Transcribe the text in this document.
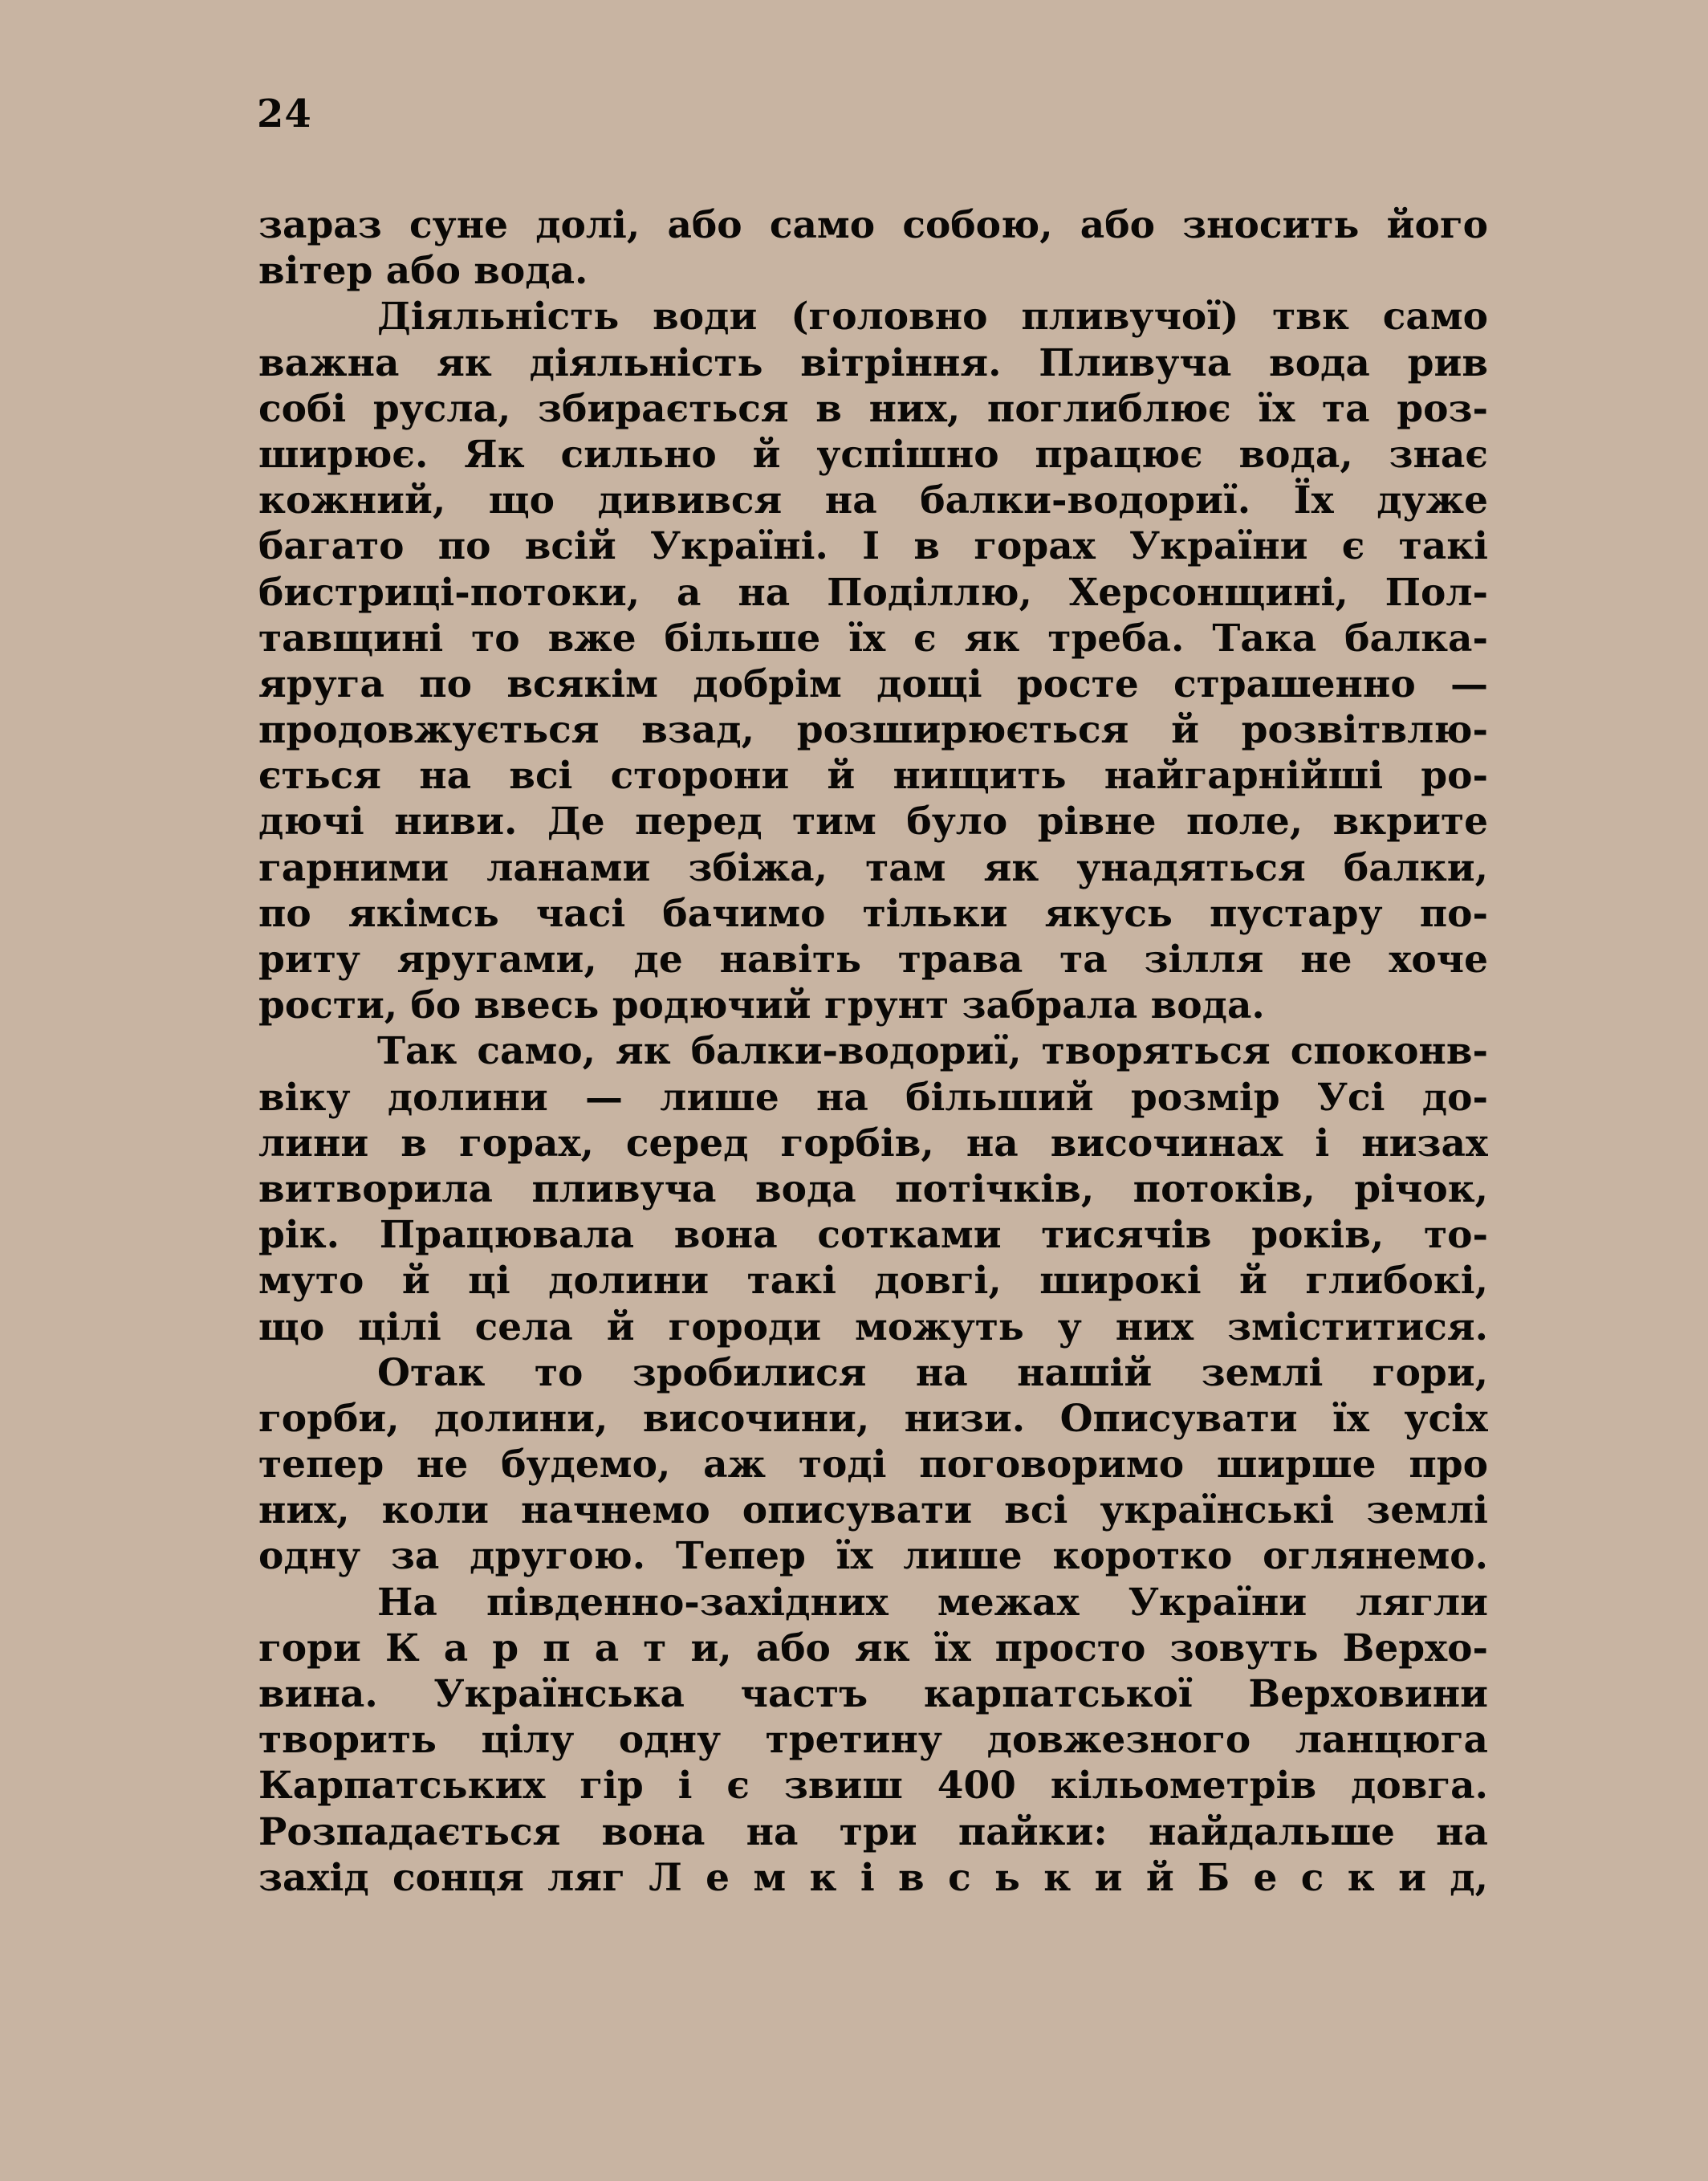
24
зараз суне долі, або само собою, або зносить його
вітер або вода.
Діяльність води (головно пливучої) твк само
важна як діяльність вітріння. Пливуча вода рив
собі русла, збирається в них, поглиблює їх та роз-
ширює. Як сильно й успішно працює вода, знає
кожний, що дивився на балки-водориї. Їх дуже
багато по всій Україні. І в горах України є такі
бистриці-потоки, а на Поділлю, Херсонщині, Пол-
тавщині то вже більше їх є як треба. Така балка-
яруга по всякім добрім дощі росте страшенно —
продовжується взад, розширюється й розвітвлю-
ється на всі сторони й нищить найгарнійші ро-
дючі ниви. Де перед тим було рівне поле, вкрите
гарними ланами збіжа, там як унадяться балки,
по якімсь часі бачимо тільки якусь пустару по-
риту яругами, де навіть трава та зілля не хоче
рости, бо ввесь родючий грунт забрала вода.
Так само, як балки-водориї, творяться споконв-
віку долини — лише на більший розмір Усі до-
лини в горах, серед горбів, на височинах і низах
витворила пливуча вода потічків, потоків, річок,
рік. Працювала вона сотками тисячів років, то-
муто й ці долини такі довгі, широкі й глибокі,
що цілі села й городи можуть у них зміститися.
Отак то зробилися на нашій землі гори,
горби, долини, височини, низи. Описувати їх усіх
тепер не будемо, аж тоді поговоримо ширше про
них, коли начнемо описувати всі українські землі
одну за другою. Тепер їх лише коротко оглянемо.
На південно-західних межах України лягли
гори К а р п а т и, або як їх просто зовуть Верхо-
вина. Українська частъ карпатської Верховини
творить цілу одну третину довжезного ланцюга
Карпатських гір і є звиш 400 кільометрів довга.
Розпадається вона на три пайки: найдальше на
захід сонця ляг Л е м к і в с ь к и й Б е с к и д,
